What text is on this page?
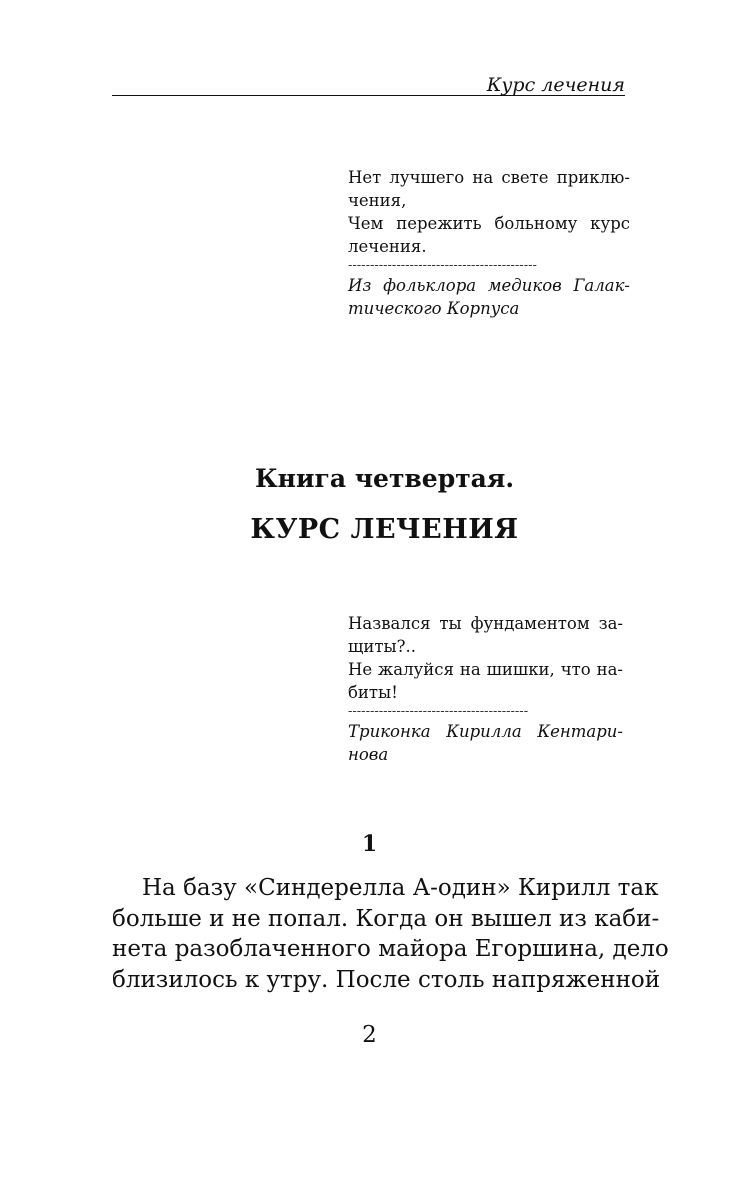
Курс лечения
Нет лучшего на свете приклю-
чения,
Чем пережить больному курс
лечения.
-------------------------------------------
Из фольклора медиков Галак-
тического Корпуса
Книга четвертая.
КУРС ЛЕЧЕНИЯ
Назвался ты фундаментом за-
щиты?..
Не жалуйся на шишки, что на-
биты!
-----------------------------------------
Триконка Кирилла Кентари-
нова
1
На базу «Синдерелла А-один» Кирилл так
больше и не попал. Когда он вышел из каби-
нета разоблаченного майора Егоршина, дело
близилось к утру. После столь напряженной
2
